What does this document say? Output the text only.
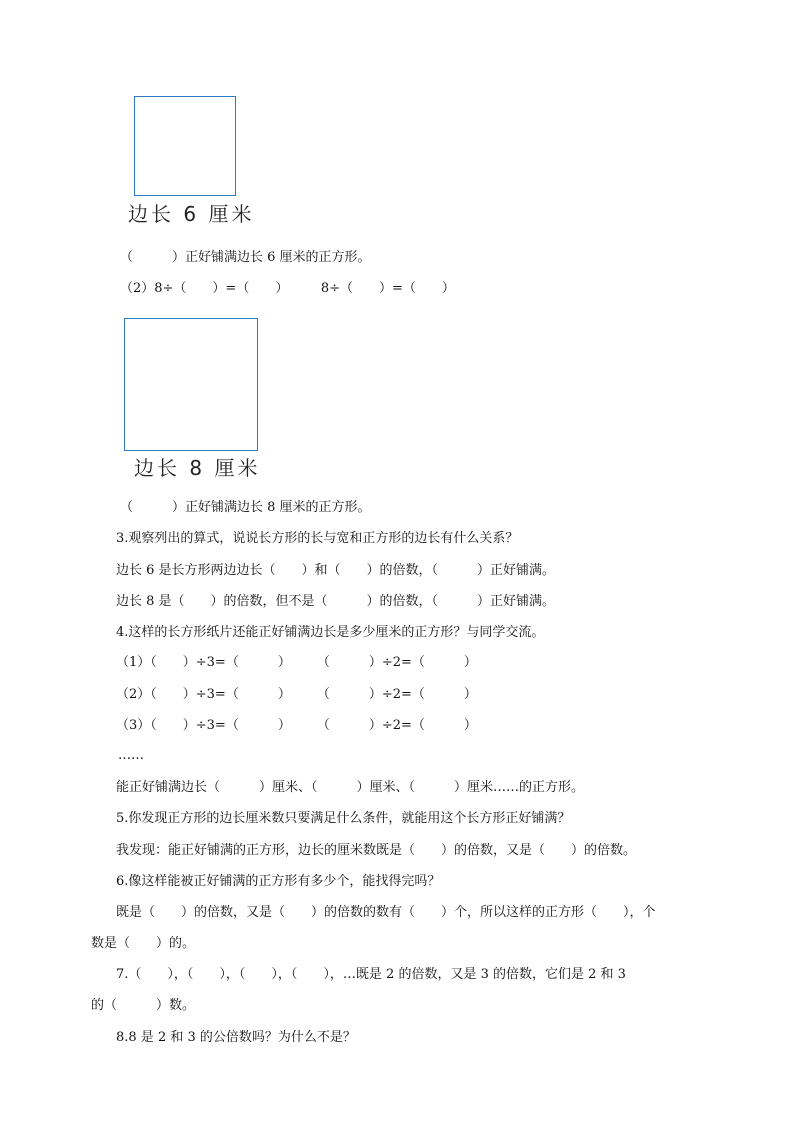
边长 6 厘米
（　　　）正好铺满边长 6 厘米的正方形。
（2）8÷（　　）=（　　）　　　8÷（　　）=（　　）
边长 8 厘米
（　　　）正好铺满边长 8 厘米的正方形。
3.观察列出的算式，说说长方形的长与宽和正方形的边长有什么关系？
边长 6 是长方形两边边长（　　）和（　　）的倍数，（　　　）正好铺满。
边长 8 是（　　）的倍数，但不是（　　　）的倍数，（　　　）正好铺满。
4.这样的长方形纸片还能正好铺满边长是多少厘米的正方形？与同学交流。
（1）（　　）÷3=（　　　）　　　（　　　）÷2=（　　　）
（2）（　　）÷3=（　　　）　　　（　　　）÷2=（　　　）
（3）（　　）÷3=（　　　）　　　（　　　）÷2=（　　　）
……
能正好铺满边长（　　　）厘米、（　　　）厘米、（　　　）厘米……的正方形。
5.你发现正方形的边长厘米数只要满足什么条件，就能用这个长方形正好铺满？
我发现：能正好铺满的正方形，边长的厘米数既是（　　）的倍数，又是（　　）的倍数。
6.像这样能被正好铺满的正方形有多少个，能找得完吗？
既是（　　）的倍数，又是（　　）的倍数的数有（　　）个，所以这样的正方形（　　），个
数是（　　）的。
7.（　　），（　　），（　　），（　　），…既是 2 的倍数，又是 3 的倍数，它们是 2 和 3
的（　　　）数。
8.8 是 2 和 3 的公倍数吗？为什么不是？
